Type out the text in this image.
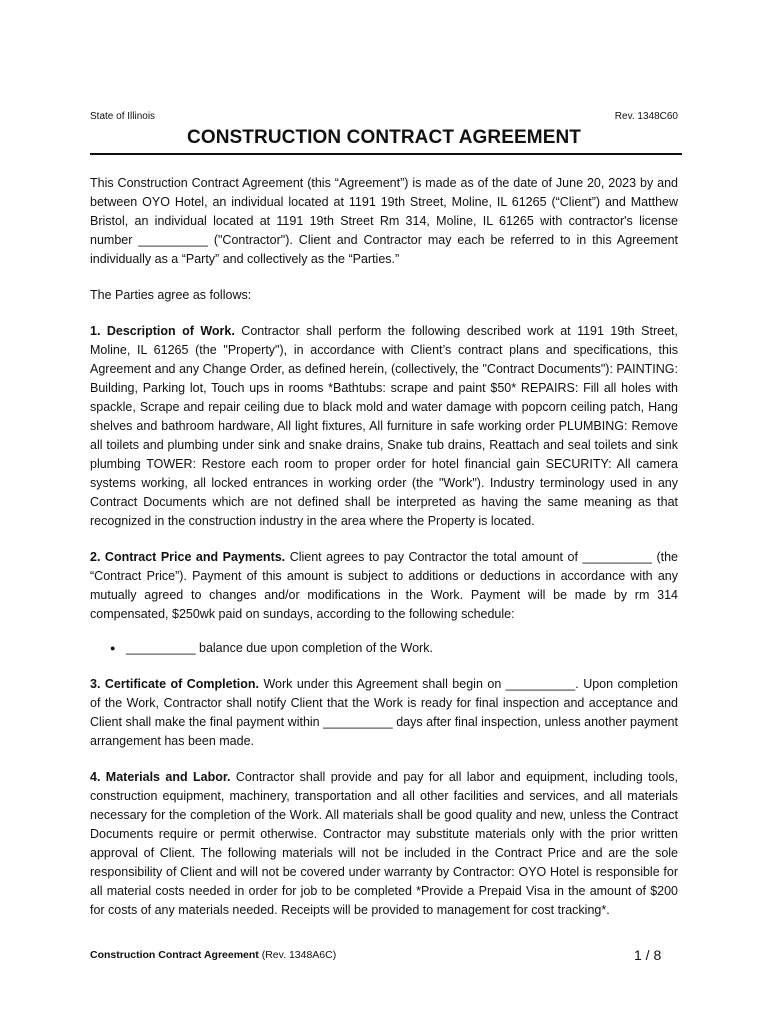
State of Illinois	Rev. 1348C60
CONSTRUCTION CONTRACT AGREEMENT

This Construction Contract Agreement (this “Agreement”) is made as of the date of June 20, 2023 by and between OYO Hotel, an individual located at 1191 19th Street, Moline, IL 61265 (“Client”) and Matthew Bristol, an individual located at 1191 19th Street Rm 314, Moline, IL 61265 with contractor's license number __________ ("Contractor"). Client and Contractor may each be referred to in this Agreement individually as a “Party” and collectively as the “Parties.”

The Parties agree as follows:

1. Description of Work. Contractor shall perform the following described work at 1191 19th Street, Moline, IL 61265 (the "Property"), in accordance with Client’s contract plans and specifications, this Agreement and any Change Order, as defined herein, (collectively, the "Contract Documents"): PAINTING: Building, Parking lot, Touch ups in rooms *Bathtubs: scrape and paint $50* REPAIRS: Fill all holes with spackle, Scrape and repair ceiling due to black mold and water damage with popcorn ceiling patch, Hang shelves and bathroom hardware, All light fixtures, All furniture in safe working order PLUMBING: Remove all toilets and plumbing under sink and snake drains, Snake tub drains, Reattach and seal toilets and sink plumbing TOWER: Restore each room to proper order for hotel financial gain SECURITY: All camera systems working, all locked entrances in working order (the "Work"). Industry terminology used in any Contract Documents which are not defined shall be interpreted as having the same meaning as that recognized in the construction industry in the area where the Property is located.

2. Contract Price and Payments. Client agrees to pay Contractor the total amount of __________ (the “Contract Price”). Payment of this amount is subject to additions or deductions in accordance with any mutually agreed to changes and/or modifications in the Work. Payment will be made by rm 314 compensated, $250wk paid on sundays, according to the following schedule:

● __________ balance due upon completion of the Work.

3. Certificate of Completion. Work under this Agreement shall begin on __________. Upon completion of the Work, Contractor shall notify Client that the Work is ready for final inspection and acceptance and Client shall make the final payment within __________ days after final inspection, unless another payment arrangement has been made.

4. Materials and Labor. Contractor shall provide and pay for all labor and equipment, including tools, construction equipment, machinery, transportation and all other facilities and services, and all materials necessary for the completion of the Work. All materials shall be good quality and new, unless the Contract Documents require or permit otherwise. Contractor may substitute materials only with the prior written approval of Client. The following materials will not be included in the Contract Price and are the sole responsibility of Client and will not be covered under warranty by Contractor: OYO Hotel is responsible for all material costs needed in order for job to be completed *Provide a Prepaid Visa in the amount of $200 for costs of any materials needed. Receipts will be provided to management for cost tracking*.

Construction Contract Agreement (Rev. 1348A6C)	1 / 8
